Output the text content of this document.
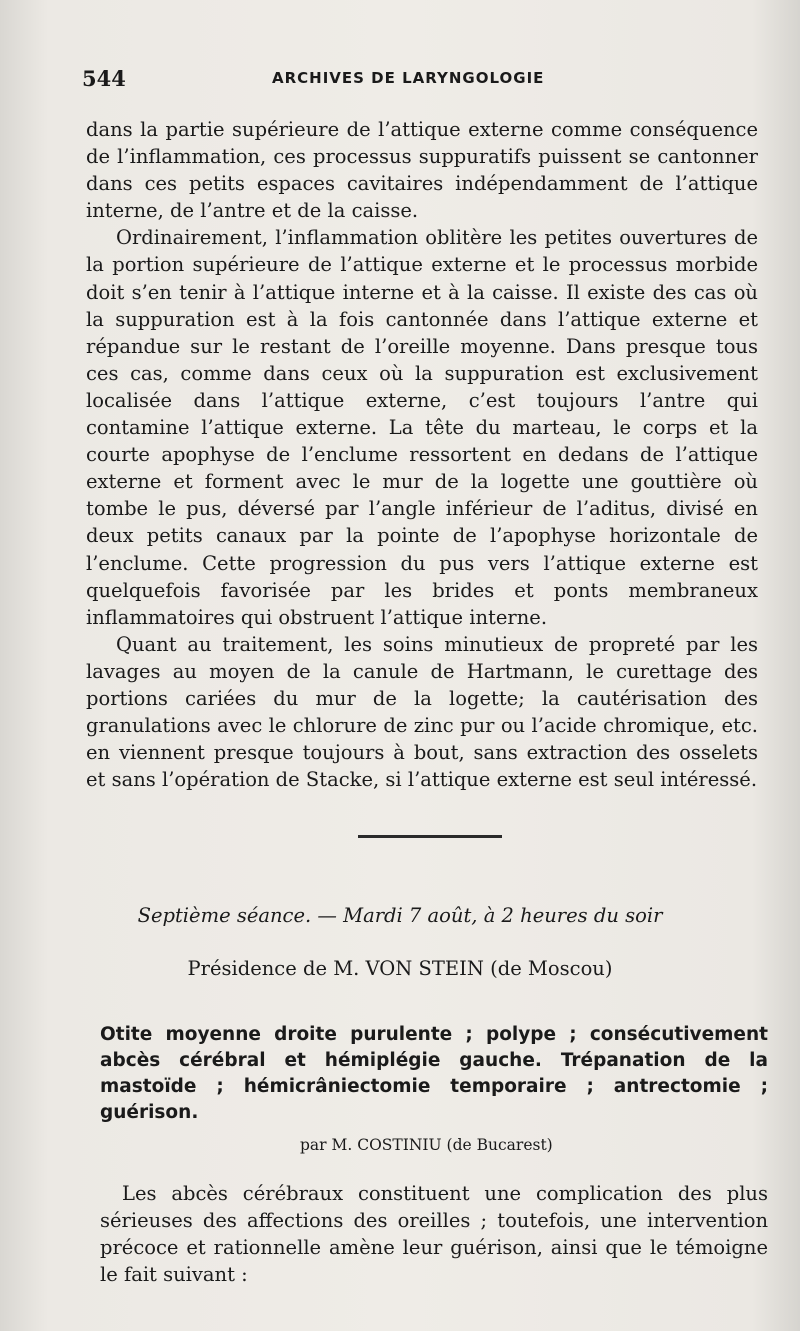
544	ARCHIVES DE LARYNGOLOGIE

dans la partie supérieure de l’attique externe comme conséquence de l’inflammation, ces processus suppuratifs puissent se cantonner dans ces petits espaces cavitaires indépendamment de l’attique interne, de l’antre et de la caisse.

Ordinairement, l’inflammation oblitère les petites ouvertures de la portion supérieure de l’attique externe et le processus morbide doit s’en tenir à l’attique interne et à la caisse. Il existe des cas où la suppuration est à la fois cantonnée dans l’attique externe et répandue sur le restant de l’oreille moyenne. Dans presque tous ces cas, comme dans ceux où la suppuration est exclusivement localisée dans l’attique externe, c’est toujours l’antre qui contamine l’attique externe. La tête du marteau, le corps et la courte apophyse de l’enclume ressortent en dedans de l’attique externe et forment avec le mur de la logette une gouttière où tombe le pus, déversé par l’angle inférieur de l’aditus, divisé en deux petits canaux par la pointe de l’apophyse horizontale de l’enclume. Cette progression du pus vers l’attique externe est quelquefois favorisée par les brides et ponts membraneux inflammatoires qui obstruent l’attique interne.

Quant au traitement, les soins minutieux de propreté par les lavages au moyen de la canule de Hartmann, le curettage des portions cariées du mur de la logette; la cautérisation des granulations avec le chlorure de zinc pur ou l’acide chromique, etc. en viennent presque toujours à bout, sans extraction des osselets et sans l’opération de Stacke, si l’attique externe est seul intéressé.

Septième séance. — Mardi 7 août, à 2 heures du soir
Présidence de M. VON STEIN (de Moscou)
Otite moyenne droite purulente ; polype ; consécutivement abcès cérébral et hémiplégie gauche. Trépanation de la mastoïde ; hémicrâniectomie temporaire ; antrectomie ; guérison.
par M. COSTINIU (de Bucarest)

Les abcès cérébraux constituent une complication des plus sérieuses des affections des oreilles ; toutefois, une intervention précoce et rationnelle amène leur guérison, ainsi que le témoigne le fait suivant :
